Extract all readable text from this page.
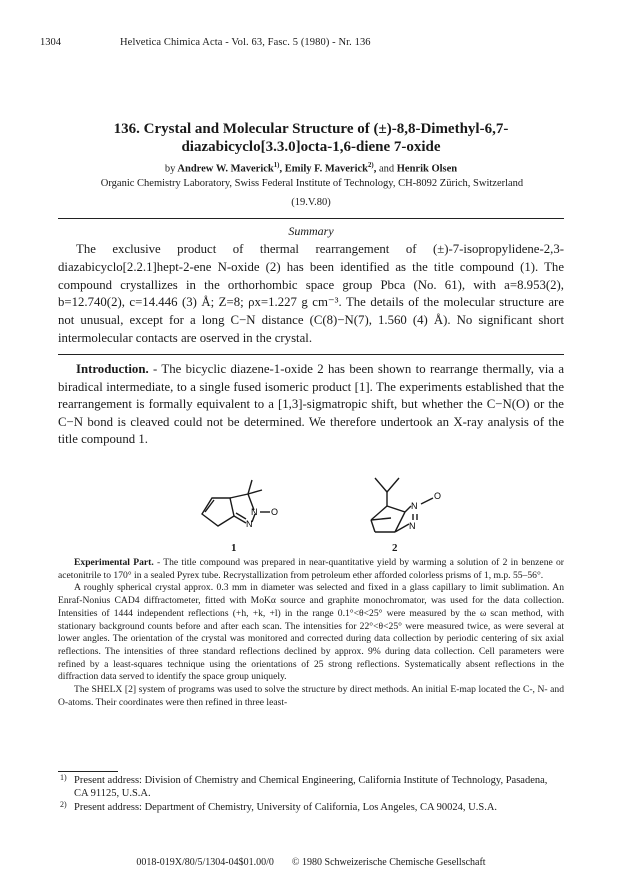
1304	Helvetica Chimica Acta - Vol. 63, Fasc. 5 (1980) - Nr. 136
136. Crystal and Molecular Structure of (±)-8,8-Dimethyl-6,7-diazabicyclo[3.3.0]octa-1,6-diene 7-oxide
by Andrew W. Maverick$^{1)}$, Emily F. Maverick$^{2)}$, and Henrik Olsen
Organic Chemistry Laboratory, Swiss Federal Institute of Technology, CH-8092 Zürich, Switzerland
(19.V.80)
Summary

The exclusive product of thermal rearrangement of (±)-7-isopropylidene-2,3-diazabicyclo[2.2.1]hept-2-ene N-oxide (2) has been identified as the title compound (1). The compound crystallizes in the orthorhombic space group Pbca (No. 61), with a=8.953(2), b=12.740(2), c=14.446 (3) Å; Z=8; ρx=1.227 g cm⁻³. The details of the molecular structure are not unusual, except for a long C−N distance (C(8)−N(7), 1.560 (4) Å). No significant short intermolecular contacts are oserved in the crystal.

Introduction. - The bicyclic diazene-1-oxide 2 has been shown to rearrange thermally, via a biradical intermediate, to a single fused isomeric product [1]. The experiments established that the rearrangement is formally equivalent to a [1,3]-sigmatropic shift, but whether the C−N(O) or the C−N bond is cleaved could not be determined. We therefore undertook an X-ray analysis of the title compound 1.

N
N
O
1
N
N
O
2

Experimental Part. - The title compound was prepared in near-quantitative yield by warming a solution of 2 in benzene or acetonitrile to 170° in a sealed Pyrex tube. Recrystallization from petroleum ether afforded colorless prisms of 1, m.p. 55–56°.

A roughly spherical crystal approx. 0.3 mm in diameter was selected and fixed in a glass capillary to limit sublimation. An Enraf-Nonius CAD4 diffractometer, fitted with MoKα source and graphite monochromator, was used for the data collection. Intensities of 1444 independent reflections (+h, +k, +l) in the range 0.1°<θ<25° were measured by the ω scan method, with stationary background counts before and after each scan. The intensities for 22°<θ<25° were measured twice, as were several at lower angles. The orientation of the crystal was monitored and corrected during data collection by periodic centering of six axial reflections. The intensities of three standard reflections declined by approx. 9% during data collection. Cell parameters were refined by a least-squares technique using the orientations of 25 strong reflections. Systematically absent reflections in the diffraction data served to identify the space group uniquely.

The SHELX [2] system of programs was used to solve the structure by direct methods. An initial E-map located the C-, N- and O-atoms. Their coordinates were then refined in three least-

1) Present address: Division of Chemistry and Chemical Engineering, California Institute of Technology, Pasadena, CA 91125, U.S.A.
2) Present address: Department of Chemistry, University of California, Los Angeles, CA 90024, U.S.A.
0018-019X/80/5/1304-04$01.00/0 © 1980 Schweizerische Chemische Gesellschaft
